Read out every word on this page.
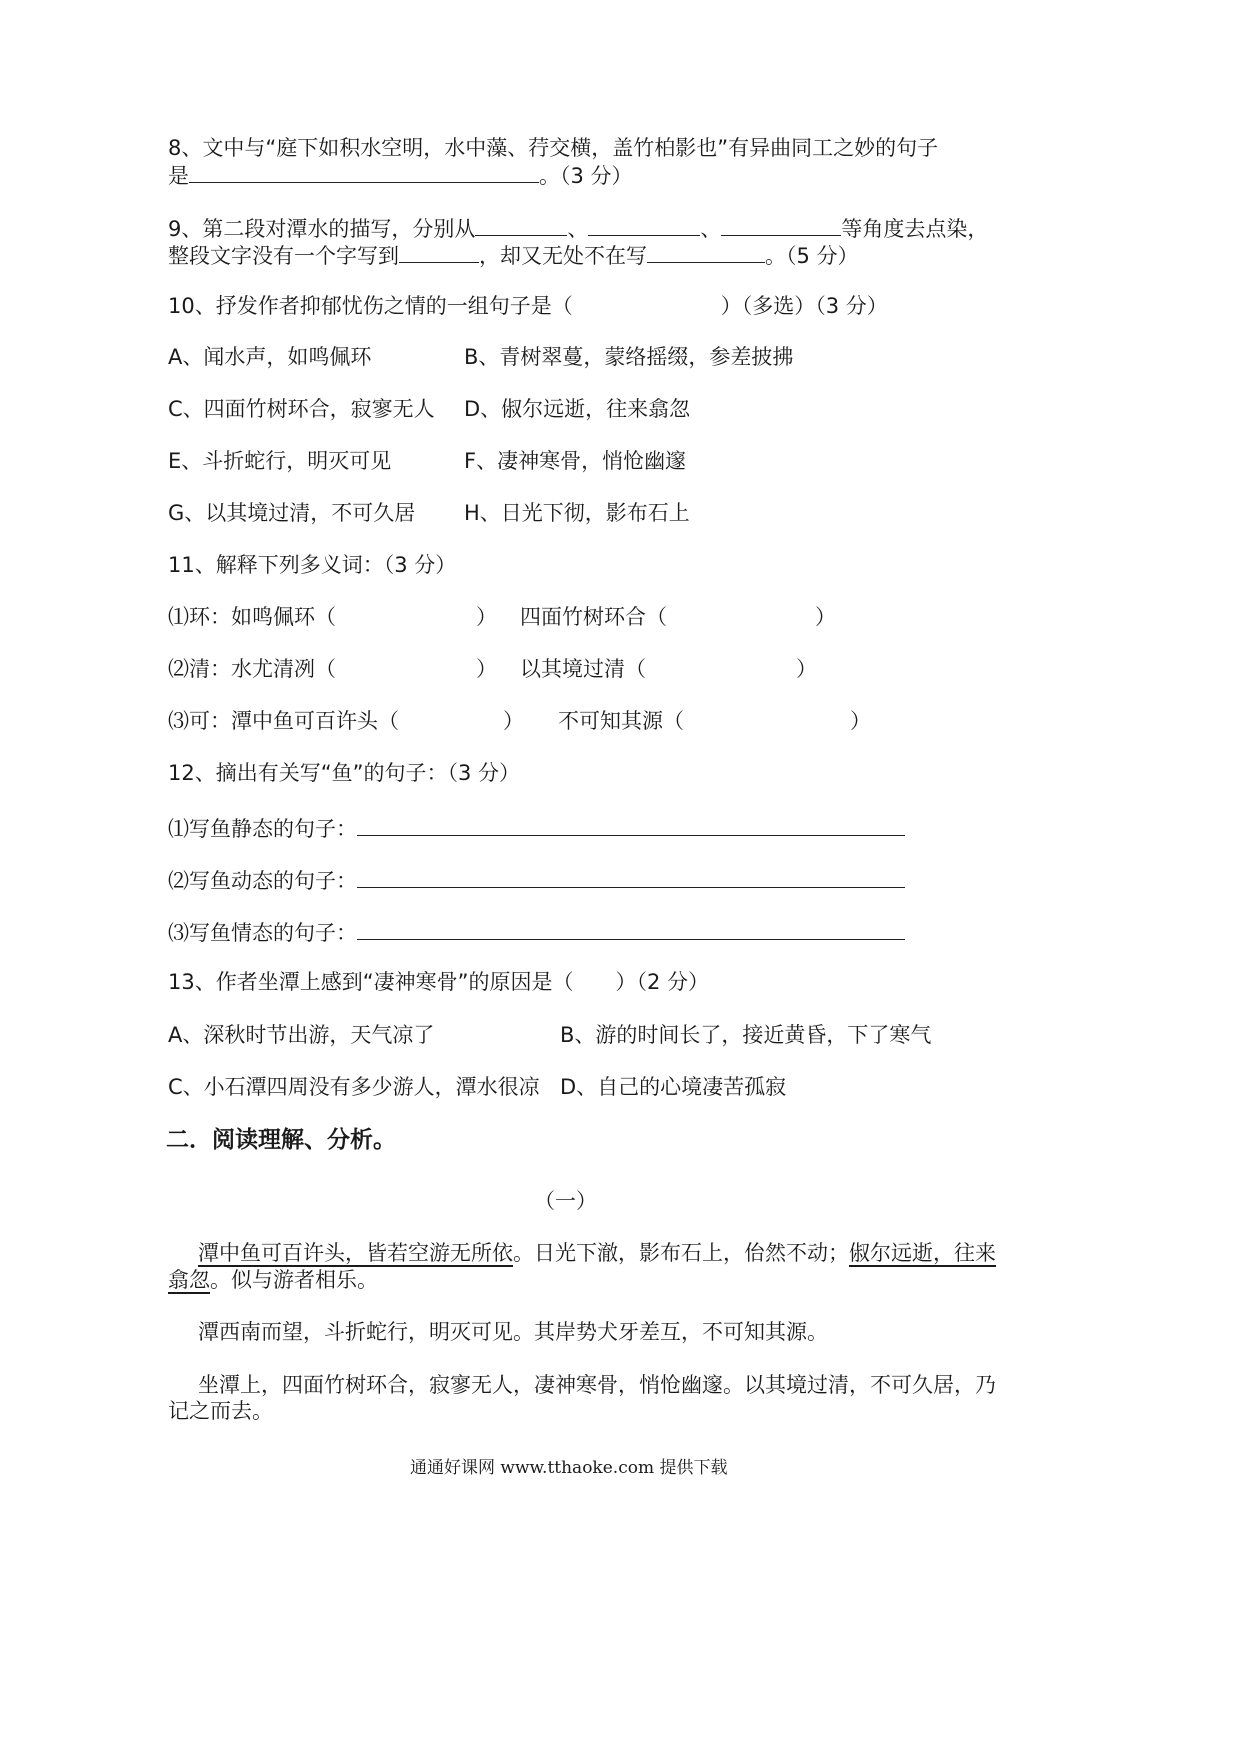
8、文中与“庭下如积水空明，水中藻、荇交横，盖竹柏影也”有异曲同工之妙的句子
是	。（3 分）
9、第二段对潭水的描写，分别从	、	、	等角度去点染，
整段文字没有一个字写到	，却又无处不在写	。（5 分）
10、抒发作者抑郁忧伤之情的一组句子是（	）（多选）（3 分）
A、闻水声，如鸣佩环	B、青树翠蔓，蒙络摇缀，参差披拂
C、四面竹树环合，寂寥无人 D、俶尔远逝，往来翕忽
E、斗折蛇行，明灭可见	F、凄神寒骨，悄怆幽邃
G、以其境过清，不可久居 H、日光下彻，影布石上
11、解释下列多义词：（3 分）
⑴环：如鸣佩环（	） 四面竹树环合（	）
⑵清：水尤清冽（	） 以其境过清（	）
⑶可：潭中鱼可百许头（	） 不可知其源（	）
12、摘出有关写“鱼”的句子：（3 分）
⑴写鱼静态的句子：
⑵写鱼动态的句子：
⑶写鱼情态的句子：
13、作者坐潭上感到“凄神寒骨”的原因是（ ）（2 分）
A、深秋时节出游，天气凉了	B、游的时间长了，接近黄昏，下了寒气
C、小石潭四周没有多少游人，潭水很凉 D、自己的心境凄苦孤寂
二．阅读理解、分析。
（一）
潭中鱼可百许头，皆若空游无所依。日光下澈，影布石上，佁然不动；俶尔远逝，往来
翕忽。似与游者相乐。
潭西南而望，斗折蛇行，明灭可见。其岸势犬牙差互，不可知其源。
坐潭上，四面竹树环合，寂寥无人，凄神寒骨，悄怆幽邃。以其境过清，不可久居，乃
记之而去。
通通好课网 www.tthaoke.com 提供下载
